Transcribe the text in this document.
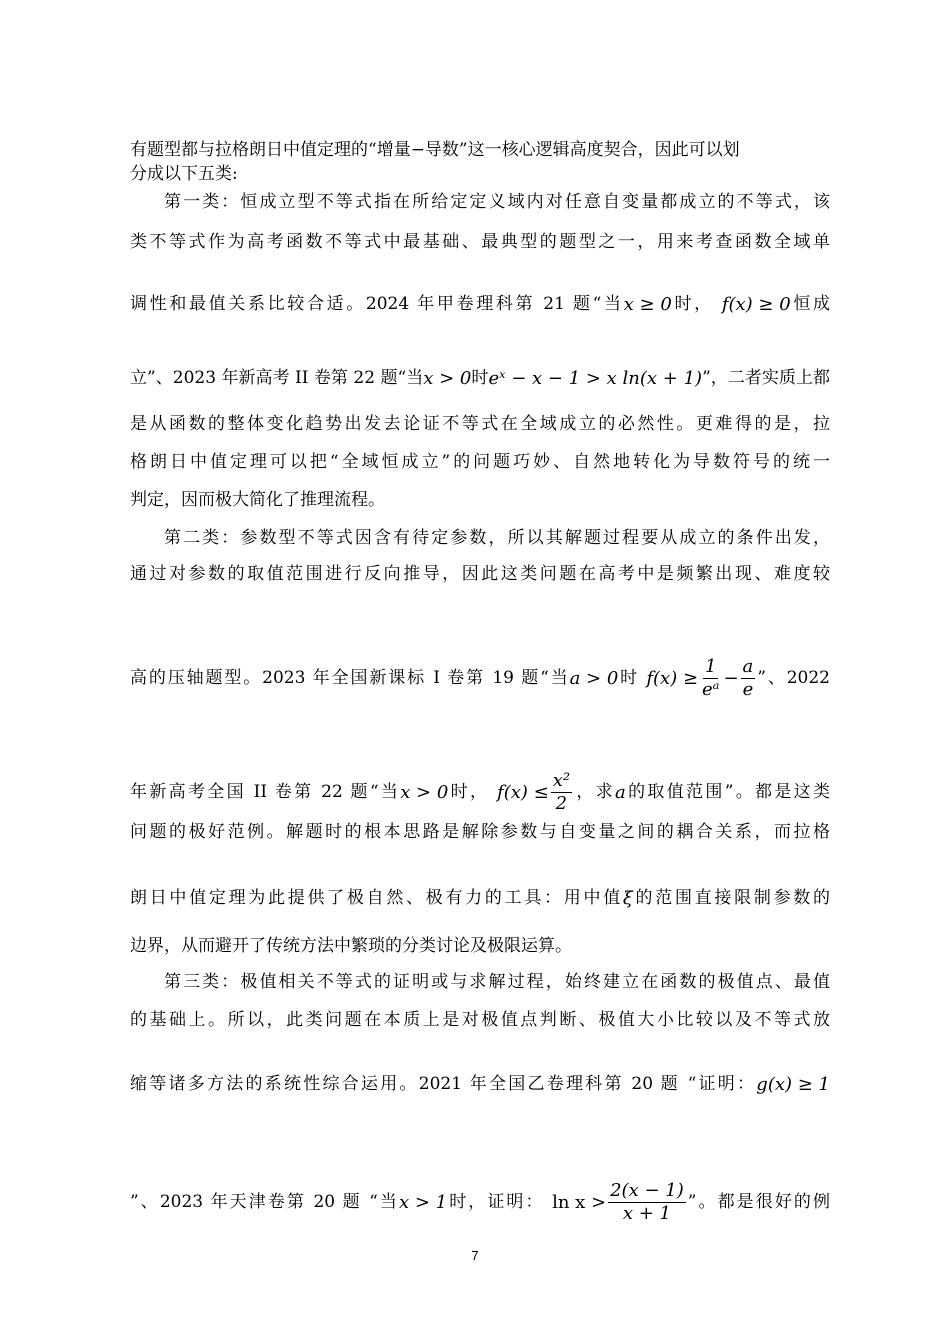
有题型都与拉格朗日中值定理的“增量−导数”这一核心逻辑高度契合，因此可以划
分成以下五类:
第一类：恒成立型不等式指在所给定定义域内对任意自变量都成立的不等式，该
类不等式作为高考函数不等式中最基础、最典型的题型之一，用来考查函数全域单
调性和最值关系比较合适。2024 年甲卷理科第 21 题“当x ≥ 0时， f(x) ≥ 0恒成
立”、2023 年新高考 II 卷第 22 题“当x > 0时eˣ − x − 1 > x ln(x + 1)”，二者实质上都
是从函数的整体变化趋势出发去论证不等式在全域成立的必然性。更难得的是，拉
格朗日中值定理可以把“全域恒成立”的问题巧妙、自然地转化为导数符号的统一
判定，因而极大简化了推理流程。
第二类：参数型不等式因含有待定参数，所以其解题过程要从成立的条件出发，
通过对参数的取值范围进行反向推导，因此这类问题在高考中是频繁出现、难度较
高的压轴题型。2023 年全国新课标 I 卷第 19 题“当a > 0时 $f(x) \ge \frac{1}{\text{eᵃ}} - \frac{a}{e}$ ”、2022
年新高考全国 II 卷第 22 题“当x > 0时， $f(x) \le \frac{\text{x²}}{2}$ ，求a的取值范围”。都是这类
问题的极好范例。解题时的根本思路是解除参数与自变量之间的耦合关系，而拉格
朗日中值定理为此提供了极自然、极有力的工具：用中值ξ的范围直接限制参数的
边界，从而避开了传统方法中繁琐的分类讨论及极限运算。
第三类：极值相关不等式的证明或与求解过程，始终建立在函数的极值点、最值
的基础上。所以，此类问题在本质上是对极值点判断、极值大小比较以及不等式放
缩等诸多方法的系统性综合运用。2021 年全国乙卷理科第 20 题 “证明：g(x) ≥ 1
”、2023 年天津卷第 20 题 “当x > 1时，证明： $\ln x > \frac{2(x - 1)}{x + 1}$ ”。都是很好的例
7
